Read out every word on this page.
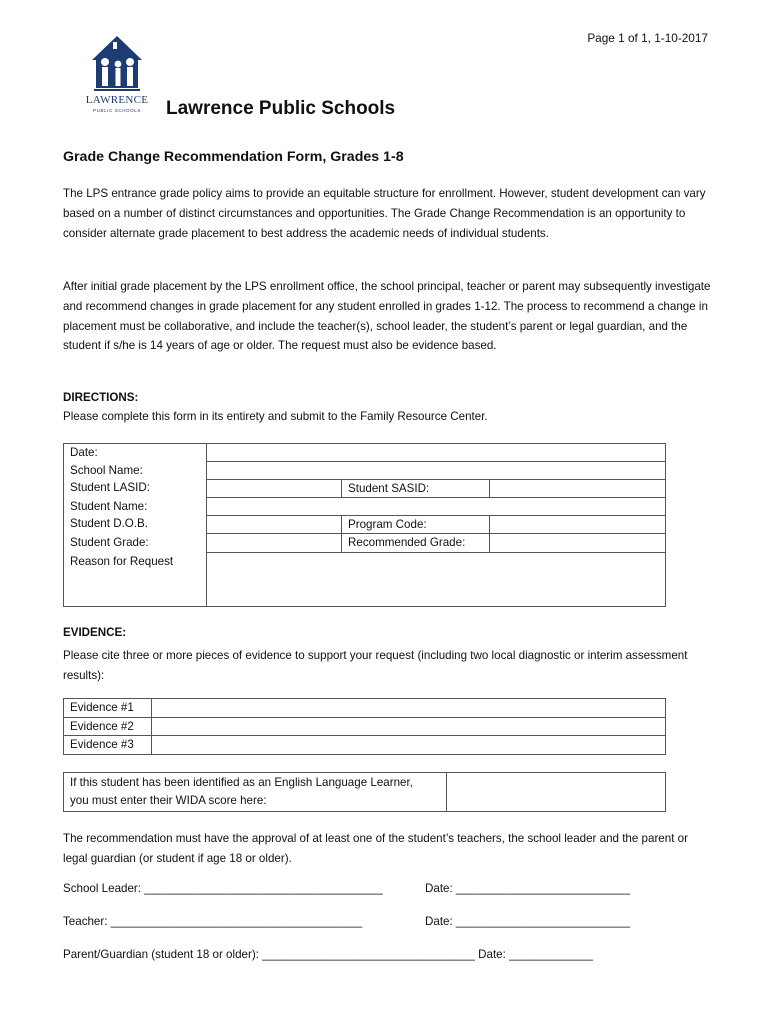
Page 1 of 1, 1-10-2017
LAWRENCE
PUBLIC SCHOOLS	Lawrence Public Schools
Grade Change Recommendation Form, Grades 1-8

The LPS entrance grade policy aims to provide an equitable structure for enrollment. However, student development can vary based on a number of distinct circumstances and opportunities. The Grade Change Recommendation is an opportunity to consider alternate grade placement to best address the academic needs of individual students.

After initial grade placement by the LPS enrollment office, the school principal, teacher or parent may subsequently investigate and recommend changes in grade placement for any student enrolled in grades 1-12. The process to recommend a change in placement must be collaborative, and include the teacher(s), school leader, the student’s parent or legal guardian, and the student if s/he is 14 years of age or older. The request must also be evidence based.

DIRECTIONS:
Please complete this form in its entirety and submit to the Family Resource Center.
Date:			
School Name:			
Student LASID:		Student SASID:	
Student Name:			
Student D.O.B.		Program Code:	
Student Grade:		Recommended Grade:	
Reason for Request			
EVIDENCE:

Please cite three or more pieces of evidence to support your request (including two local diagnostic or interim assessment results):

Evidence #1	
Evidence #2	
Evidence #3	
If this student has been identified as an English Language Learner,
you must enter their WIDA score here:

The recommendation must have the approval of at least one of the student’s teachers, the school leader and the parent or legal guardian (or student if age 18 or older).

School Leader: _____________________________________	Date: ___________________________
Teacher: _______________________________________	Date: ___________________________
Parent/Guardian (student 18 or older): _________________________________ Date: _____________
